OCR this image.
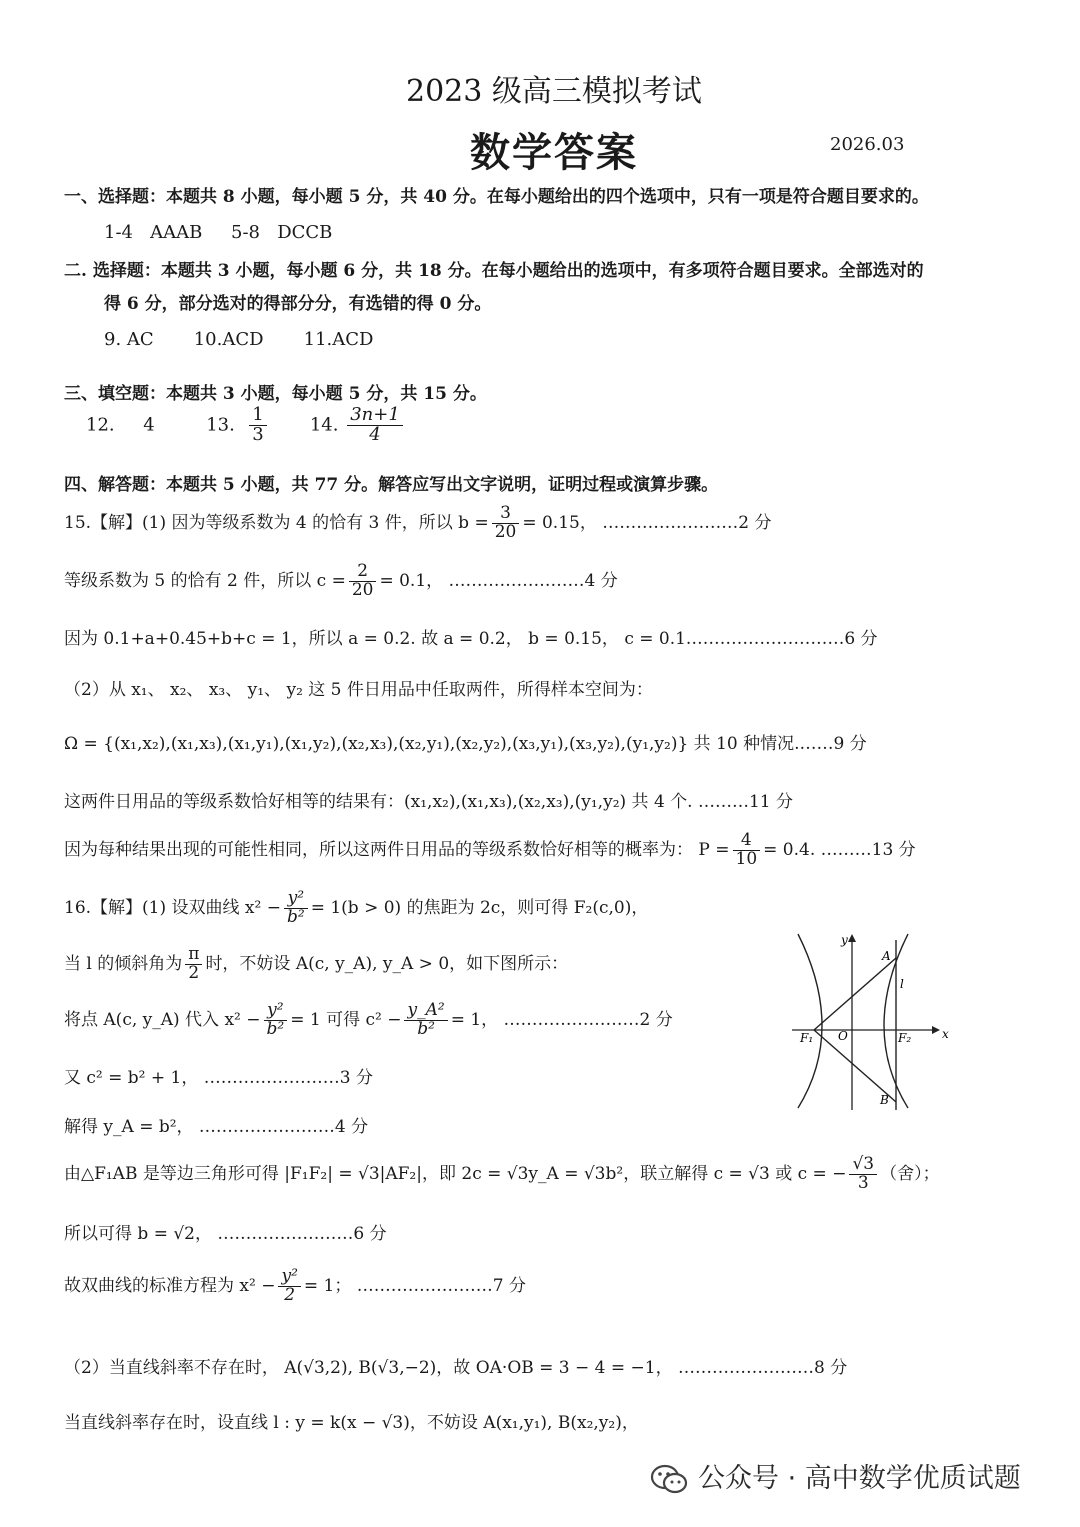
2023 级高三模拟考试
数学答案	2026.03
一、选择题：本题共 8 小题，每小题 5 分，共 40 分。在每小题给出的四个选项中，只有一项是符合题目要求的。
1-4 AAAB 5-8 DCCB
二. 选择题：本题共 3 小题，每小题 6 分，共 18 分。在每小题给出的选项中，有多项符合题目要求。全部选对的
得 6 分，部分选对的得部分分，有选错的得 0 分。
9. AC 10.ACD 11.ACD
三、填空题：本题共 3 小题，每小题 5 分，共 15 分。
12. 4	13. $\frac{1}{3} 14$. $\frac{3n+1}{4}$
四、解答题：本题共 5 小题，共 77 分。解答应写出文字说明，证明过程或演算步骤。
15.【解】(1) 因为等级系数为 4 的恰有 3 件，所以 $b = \frac{3}{20} = 0.15$， ……………………2 分
等级系数为 5 的恰有 2 件，所以 $c = \frac{2}{20} = 0.1$， ……………………4 分
因为 0.1+a+0.45+b+c = 1，所以 a = 0.2. 故 a = 0.2， b = 0.15， c = 0.1.………………………6 分
（2）从 x₁、 x₂、 x₃、 y₁、 y₂ 这 5 件日用品中任取两件，所得样本空间为：
Ω = {(x₁,x₂),(x₁,x₃),(x₁,y₁),(x₁,y₂),(x₂,x₃),(x₂,y₁),(x₂,y₂),(x₃,y₁),(x₃,y₂),(y₁,y₂)} 共 10 种情况.……9 分
这两件日用品的等级系数恰好相等的结果有：(x₁,x₂),(x₁,x₃),(x₂,x₃),(y₁,y₂) 共 4 个. ………11 分
因为每种结果出现的可能性相同，所以这两件日用品的等级系数恰好相等的概率为： $P = \frac{4}{10} = 0.4$. ………13 分
16.【解】(1) 设双曲线 $x^2 - \frac{\text{y²}}{\text{b²}} = 1(b > 0)$ 的焦距为 2c，则可得 F₂(c,0)，
当 l 的倾斜角为 $\frac{\pi}{2}$ 时，不妨设 A(c, y_A), y_A > 0，如下图所示：
将点 A(c, y_A) 代入 $x^2 - \frac{\text{y²}}{\text{b²}} = 1$ 可得 $c^2 - \frac{\text{y\_A²}}{\text{b²}} = 1$， ……………………2 分
又 c² = b² + 1， ……………………3 分
解得 y_A = b²， ……………………4 分
由△F₁AB 是等边三角形可得 |F₁F₂| = √3|AF₂|，即 2c = √3y_A = √3b²，联立解得 c = √3 或 c = − $\frac{√3}{3}$ （舍）；
所以可得 b = √2， ……………………6 分
故双曲线的标准方程为 $x^2 - \frac{\text{y²}}{2} = 1$； ……………………7 分
（2）当直线斜率不存在时， A(√3,2), B(√3,−2)，故 OA·OB = 3 − 4 = −1， ……………………8 分
当直线斜率存在时，设直线 l : y = k(x − √3)，不妨设 A(x₁,y₁), B(x₂,y₂)，
y
x
A
B
l
O
F₁	F₂
公众号 · 高中数学优质试题
